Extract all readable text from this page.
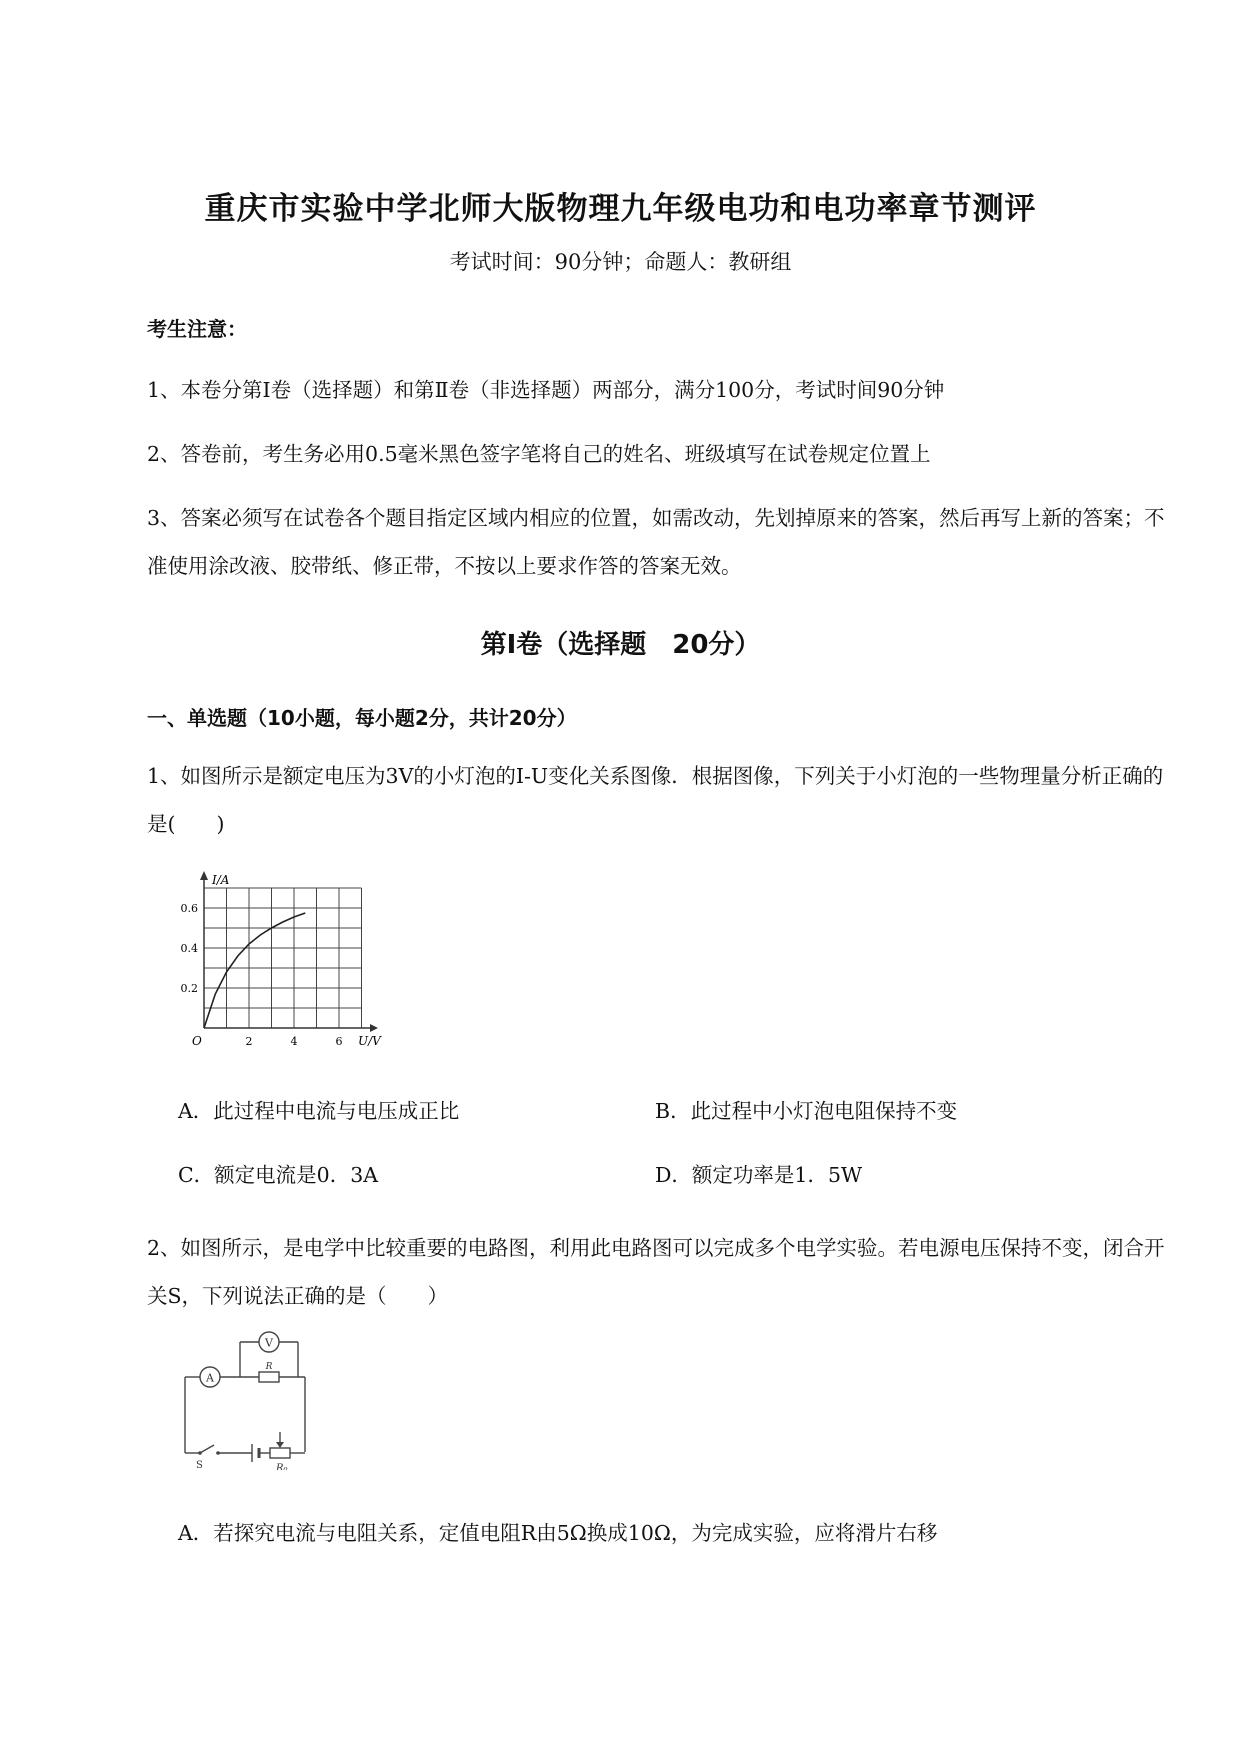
重庆市实验中学北师大版物理九年级电功和电功率章节测评
考试时间：90分钟；命题人：教研组
考生注意：
1、本卷分第I卷（选择题）和第Ⅱ卷（非选择题）两部分，满分100分，考试时间90分钟
2、答卷前，考生务必用0.5毫米黑色签字笔将自己的姓名、班级填写在试卷规定位置上
3、答案必须写在试卷各个题目指定区域内相应的位置，如需改动，先划掉原来的答案，然后再写上新的答案；不准使用涂改液、胶带纸、修正带，不按以上要求作答的答案无效。
第I卷（选择题　20分）
一、单选题（10小题，每小题2分，共计20分）
1、如图所示是额定电压为3V的小灯泡的I-U变化关系图像．根据图像，下列关于小灯泡的一些物理量分析正确的是(　　)
I/A
U/V
O	2	4	6
0.2
0.4
0.6
A．此过程中电流与电压成正比	B．此过程中小灯泡电阻保持不变
C．额定电流是0．3A	D．额定功率是1．5W
2、如图所示，是电学中比较重要的电路图，利用此电路图可以完成多个电学实验。若电源电压保持不变，闭合开关S，下列说法正确的是（　　）
V
A
R
S	R₀
A．若探究电流与电阻关系，定值电阻R由5Ω换成10Ω，为完成实验，应将滑片右移
